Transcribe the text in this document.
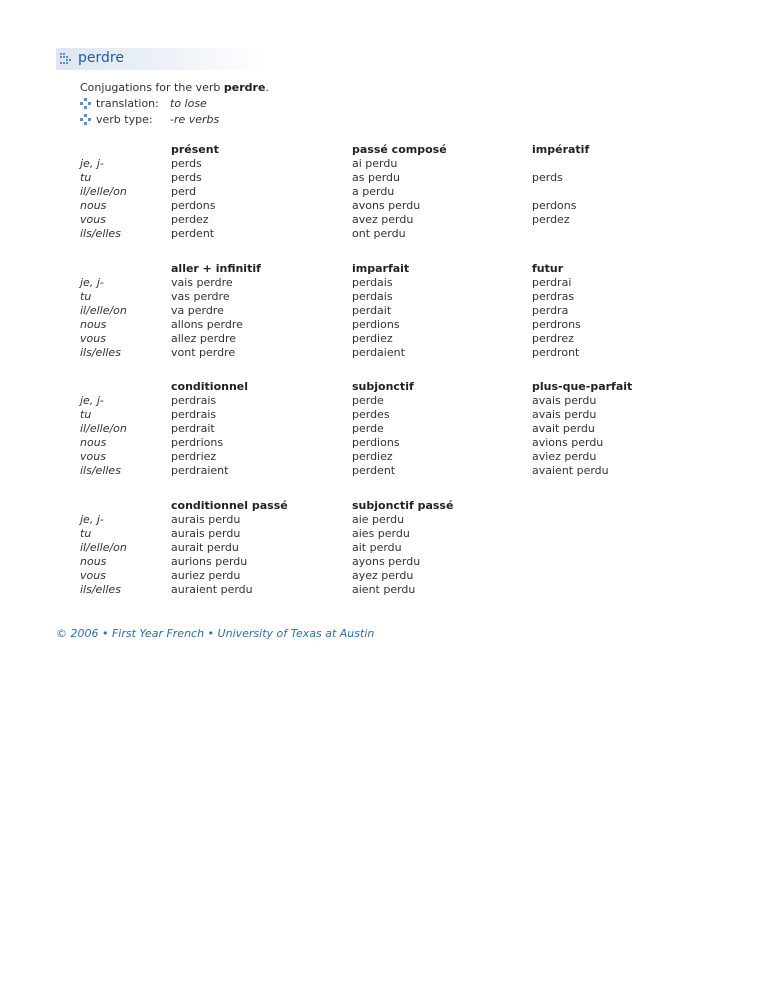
perdre
Conjugations for the verb perdre.
translation: to lose
verb type: -re verbs
je, j-
tu
il/elle/on
nous
vous
ils/elles
présent
perds
perds
perd
perdons
perdez
perdent
passé composé
ai perdu
as perdu
a perdu
avons perdu
avez perdu
ont perdu
impératif
perds
perdons
perdez
je, j-
tu
il/elle/on
nous
vous
ils/elles
aller + infinitif
vais perdre
vas perdre
va perdre
allons perdre
allez perdre
vont perdre
imparfait
perdais
perdais
perdait
perdions
perdiez
perdaient
futur
perdrai
perdras
perdra
perdrons
perdrez
perdront
je, j-
tu
il/elle/on
nous
vous
ils/elles
conditionnel
perdrais
perdrais
perdrait
perdrions
perdriez
perdraient
subjonctif
perde
perdes
perde
perdions
perdiez
perdent
plus-que-parfait
avais perdu
avais perdu
avait perdu
avions perdu
aviez perdu
avaient perdu
je, j-
tu
il/elle/on
nous
vous
ils/elles
conditionnel passé
aurais perdu
aurais perdu
aurait perdu
aurions perdu
auriez perdu
auraient perdu
subjonctif passé
aie perdu
aies perdu
ait perdu
ayons perdu
ayez perdu
aient perdu
© 2006 • First Year French • University of Texas at Austin
